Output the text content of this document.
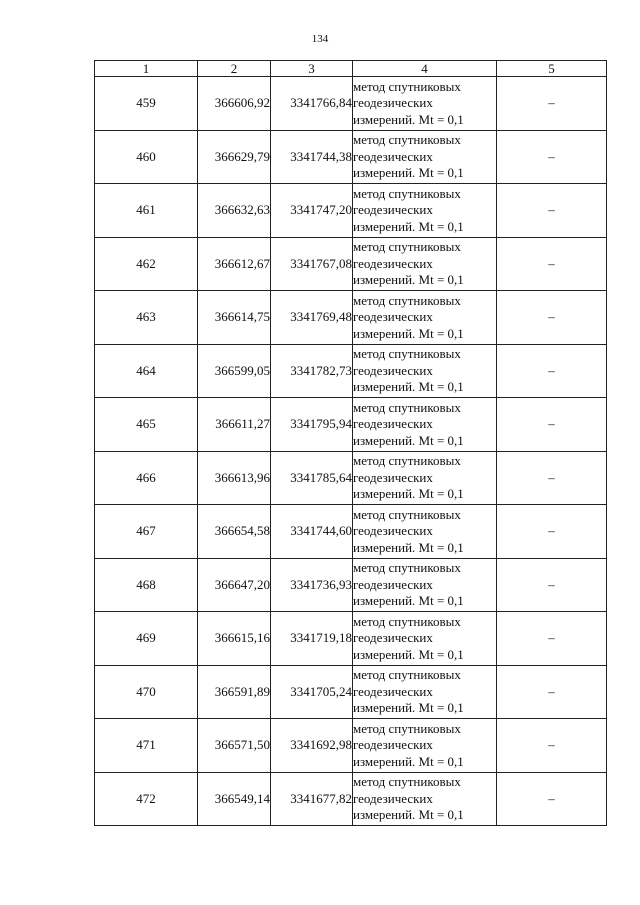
134
1	2	3	4	5
459	366606,92	3341766,84	метод спутниковых
геодезических
измерений. Mt = 0,1	–
460	366629,79	3341744,38	метод спутниковых
геодезических
измерений. Mt = 0,1	–
461	366632,63	3341747,20	метод спутниковых
геодезических
измерений. Mt = 0,1	–
462	366612,67	3341767,08	метод спутниковых
геодезических
измерений. Mt = 0,1	–
463	366614,75	3341769,48	метод спутниковых
геодезических
измерений. Mt = 0,1	–
464	366599,05	3341782,73	метод спутниковых
геодезических
измерений. Mt = 0,1	–
465	366611,27	3341795,94	метод спутниковых
геодезических
измерений. Mt = 0,1	–
466	366613,96	3341785,64	метод спутниковых
геодезических
измерений. Mt = 0,1	–
467	366654,58	3341744,60	метод спутниковых
геодезических
измерений. Mt = 0,1	–
468	366647,20	3341736,93	метод спутниковых
геодезических
измерений. Mt = 0,1	–
469	366615,16	3341719,18	метод спутниковых
геодезических
измерений. Mt = 0,1	–
470	366591,89	3341705,24	метод спутниковых
геодезических
измерений. Mt = 0,1	–
471	366571,50	3341692,98	метод спутниковых
геодезических
измерений. Mt = 0,1	–
472	366549,14	3341677,82	метод спутниковых
геодезических
измерений. Mt = 0,1	–
